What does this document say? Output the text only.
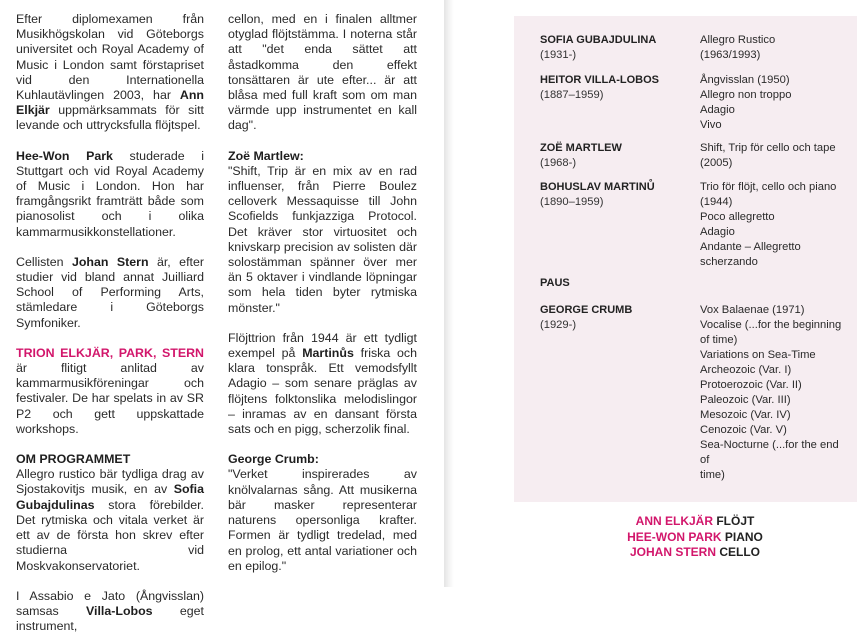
Efter diplomexamen från Musikhögskolan vid Göteborgs universitet och Royal Academy of Music i London samt förstapriset vid den Internationella Kuhlautävlingen 2003, har Ann Elkjär uppmärksammats för sitt levande och uttrycksfulla flöjtspel.

Hee-Won Park studerade i Stuttgart och vid Royal Academy of Music i London. Hon har framgångsrikt framträtt både som pianosolist och i olika kammarmusikkonstellationer.

Cellisten Johan Stern är, efter studier vid bland annat Juilliard School of Performing Arts, stämledare i Göteborgs Symfoniker.

TRION ELKJÄR, PARK, STERN är flitigt anlitad av kammarmusikföreningar och festivaler. De har spelats in av SR P2 och gett uppskattade workshops.

OM PROGRAMMET

Allegro rustico bär tydliga drag av Sjostakovitjs musik, en av Sofia Gubajdulinas stora förebilder. Det rytmiska och vitala verket är ett av de första hon skrev efter studierna vid Moskvakonservatoriet.

I Assabio e Jato (Ångvisslan) samsas Villa-Lobos eget instrument,

cellon, med en i finalen alltmer otyglad flöjtstämma. I noterna står att "det enda sättet att åstadkomma den effekt tonsättaren är ute efter... är att blåsa med full kraft som om man värmde upp instrumentet en kall dag".

Zoë Martlew:

"Shift, Trip är en mix av en rad influenser, från Pierre Boulez celloverk Messaquisse till John Scofields funkjazziga Protocol. Det kräver stor virtuositet och knivskarp precision av solisten där solostämman spänner över mer än 5 oktaver i vindlande löpningar som hela tiden byter rytmiska mönster."

Flöjttrion från 1944 är ett tydligt exempel på Martinůs friska och klara tonspråk. Ett vemodsfyllt Adagio – som senare präglas av flöjtens folktonslika melodislingor – inramas av en dansant första sats och en pigg, scherzolik final.

George Crumb:

"Verket inspirerades av knölvalarnas sång. Att musikerna bär masker representerar naturens opersonliga krafter. Formen är tydligt tredelad, med en prolog, ett antal variationer och en epilog."

SOFIA GUBAJDULINA
(1931-)
Allegro Rustico
(1963/1993)
HEITOR VILLA-LOBOS
(1887–1959)
Ångvisslan (1950)
Allegro non troppo
Adagio
Vivo
ZOË MARTLEW
(1968-)
Shift, Trip för cello och tape
(2005)
BOHUSLAV MARTINŮ
(1890–1959)
Trio för flöjt, cello och piano
(1944)
Poco allegretto
Adagio
Andante – Allegretto
scherzando
PAUS
GEORGE CRUMB
(1929-)
Vox Balaenae (1971)
Vocalise (...for the beginning
of time)
Variations on Sea-Time
Archeozoic (Var. I)
Protoerozoic (Var. II)
Paleozoic (Var. III)
Mesozoic (Var. IV)
Cenozoic (Var. V)
Sea-Nocturne (...for the end of
time)
ANN ELKJÄR FLÖJT
HEE-WON PARK PIANO
JOHAN STERN CELLO
